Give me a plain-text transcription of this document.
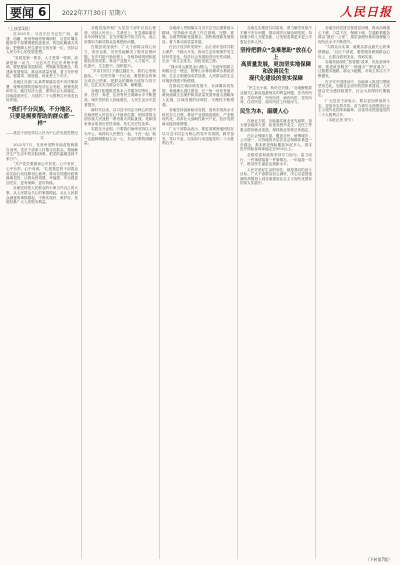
要闻 6	2022年7月30日 星期六	人民日报
（上接第1版）

在2021年，习近平总书记在广西、福建、西藏、贵州等地考察调研时，反复叮嘱各级领导干部要增强忧患意识，防范化解重大风险，把保障人民生命安全放在第一位，坚持以人民为中心的发展思想。

“发展是第一要务，人才是第一资源，创新是第一动力。”习近平总书记在考察中强调，要把握新发展阶段、贯彻新发展理念、构建新发展格局，推动高质量发展，着力在补短板、强弱项、固底板、扬优势上下功夫。

各地区各部门认真贯彻落实党中央决策部署，统筹疫情防控和经济社会发展，统筹发展和安全，稳住经济大盘，保持社会大局稳定，持续改善民生，为党的二十大胜利召开营造良好环境。

“我们不分民族，不分地区，只要是需要帮助的群众都一样”
——基层干部坚持以人民为中心的发展思想纪实

2022年7月，在贵州省黔东南苗族侗族自治州，党员干部深入村寨走访群众，帮助解决生产生活中的实际困难，把党的温暖送到千家万户。

“共产党员要做到心中有党、心中有民、心中有责、心中有戒。”扎根基层的干部群众用实际行动诠释初心使命，推动各项惠民政策落地见效，让群众获得感、幸福感、安全感更加充实、更有保障、更可持续。

各地坚持把人民群众的小事当作自己的大事，从人民群众关心的事情做起，从让人民群众满意的事情做起，不断实现好、维护好、发展好最广大人民根本利益。

各级党组织和广大党员干部牢记初心使命，坚持人民至上、生命至上，在急难险重任务中冲锋在前，在为民服务中担当作为，用心用情用力解决群众急难愁盼问题。

在脱贫攻坚战中，广大干部群众同心协力，攻坚克难，历史性地解决了绝对贫困问题。在乡村振兴新征程上，各地持续巩固拓展脱贫攻坚成果，推动产业振兴、人才振兴、文化振兴、生态振兴、组织振兴。

“乡亲们的日子越过越红火，我们心里就踏实。”一位驻村第一书记说，要把群众的事当成自己的事，把群众的期盼当成努力的方向，扎扎实实为群众办实事、解难题。

各地区积极推进基本公共服务均等化，教育、医疗、养老、住房等民生保障水平不断提高，城乡居民收入持续增长，人民生活水平显著提升。

新时代以来，以习近平同志为核心的党中央始终把人民放在心中最高位置，团结带领全国各族人民战胜一系列重大风险挑战，党和国家事业取得历史性成就、发生历史性变革。

实践充分证明，只要我们始终坚持以人民为中心，始终同人民想在一起、干在一起，就一定能够凝聚起万众一心、共克时艰的磅礴力量。

各地深入贯彻落实习近平总书记重要指示精神，坚持稳中求进工作总基调，完整、准确、全面贯彻新发展理念，加快构建新发展格局，着力推动高质量发展。

在长江经济带发展中，沿江省市坚持共抓大保护、不搞大开发，推动生态环境保护发生转折性变化，经济社会发展取得历史性成就，走出一条生态优先、绿色发展之路。

“绿水青山就是金山银山。”各地牢固树立和践行这一理念，统筹山水林田湖草沙系统治理，生态文明建设成效显著，人民群众的生态环境获得感不断增强。

在推动区域协调发展中，京津冀协同发展、粤港澳大湾区建设、长三角一体化发展、黄河流域生态保护和高质量发展等重大战略深入实施，区域发展的协调性、平衡性不断增强。

各地坚持创新驱动发展，加快实现高水平科技自立自强，推动产业基础高级化、产业链现代化，培育壮大战略性新兴产业，经济发展新动能持续增强。

广大干部群众表示，要更加紧密地团结在以习近平同志为核心的党中央周围，踔厉奋发、笃行不怠，以实际行动迎接党的二十大胜利召开。

各地扎实推进共同富裕，着力解决发展不平衡不充分问题，推动城乡区域协调发展，持续缩小收入分配差距，让发展成果更多更公平惠及全体人民。

坚持把群众“急难愁盼”放在心上
高质量发展，更加坚实地保障和改善民生
现代化建设的坚实保障

“民生无小事，枝叶总关情。”各地聚焦群众最关心最直接最现实的利益问题，在幼有所育、学有所教、劳有所得、病有所医、老有所养、住有所居、弱有所扶上持续用力。

民生为本，温暖人心

在就业方面，各地落实就业优先政策，加大援企稳岗力度，拓宽高校毕业生、农民工等重点群体就业渠道，保持就业形势总体稳定。

在社会保障方面，覆盖全民、统筹城乡、公平统一、可持续的多层次社会保障体系进一步健全，基本养老保险覆盖10亿多人，基本医疗保险参保率稳定在95%以上。

各级党委和政府坚持尽力而为、量力而行，一件事情接着一件事情办，一年接着一年干，推动民生福祉达到新水平。

人民对美好生活的向往，就是我们的奋斗目标。广大干部群众信心满怀，决心以更加饱满的热情投入到全面建设社会主义现代化国家的伟大实践中。

各地坚持党建引领基层治理，推动治理重心下移、力量下沉、保障下倾，打通联系服务群众“最后一公里”，基层治理体系和治理能力现代化水平不断提升。

“为群众办实事，就要从群众最关心的事情做起。”社区干部说，要把服务做到群众心坎上，让群众看到变化、得到实惠。

各地持续深化“放管服”改革，优化营商环境，推进政务服务“一网通办”“跨省通办”，让数据多跑路、群众少跑腿，市场主体活力不断激发。

在平安中国建设中，各地深入推进扫黑除恶常态化，加强社会治安防控体系建设，人民群众安全感持续提升，社会大局保持长期稳定。

广大党员干部表示，要以更加昂扬的斗志、更加务实的作风，奋力谱写全面建设社会主义现代化国家新篇章，以优异成绩迎接党的二十大胜利召开。

（本报记者 采写）

（下转第7版）
